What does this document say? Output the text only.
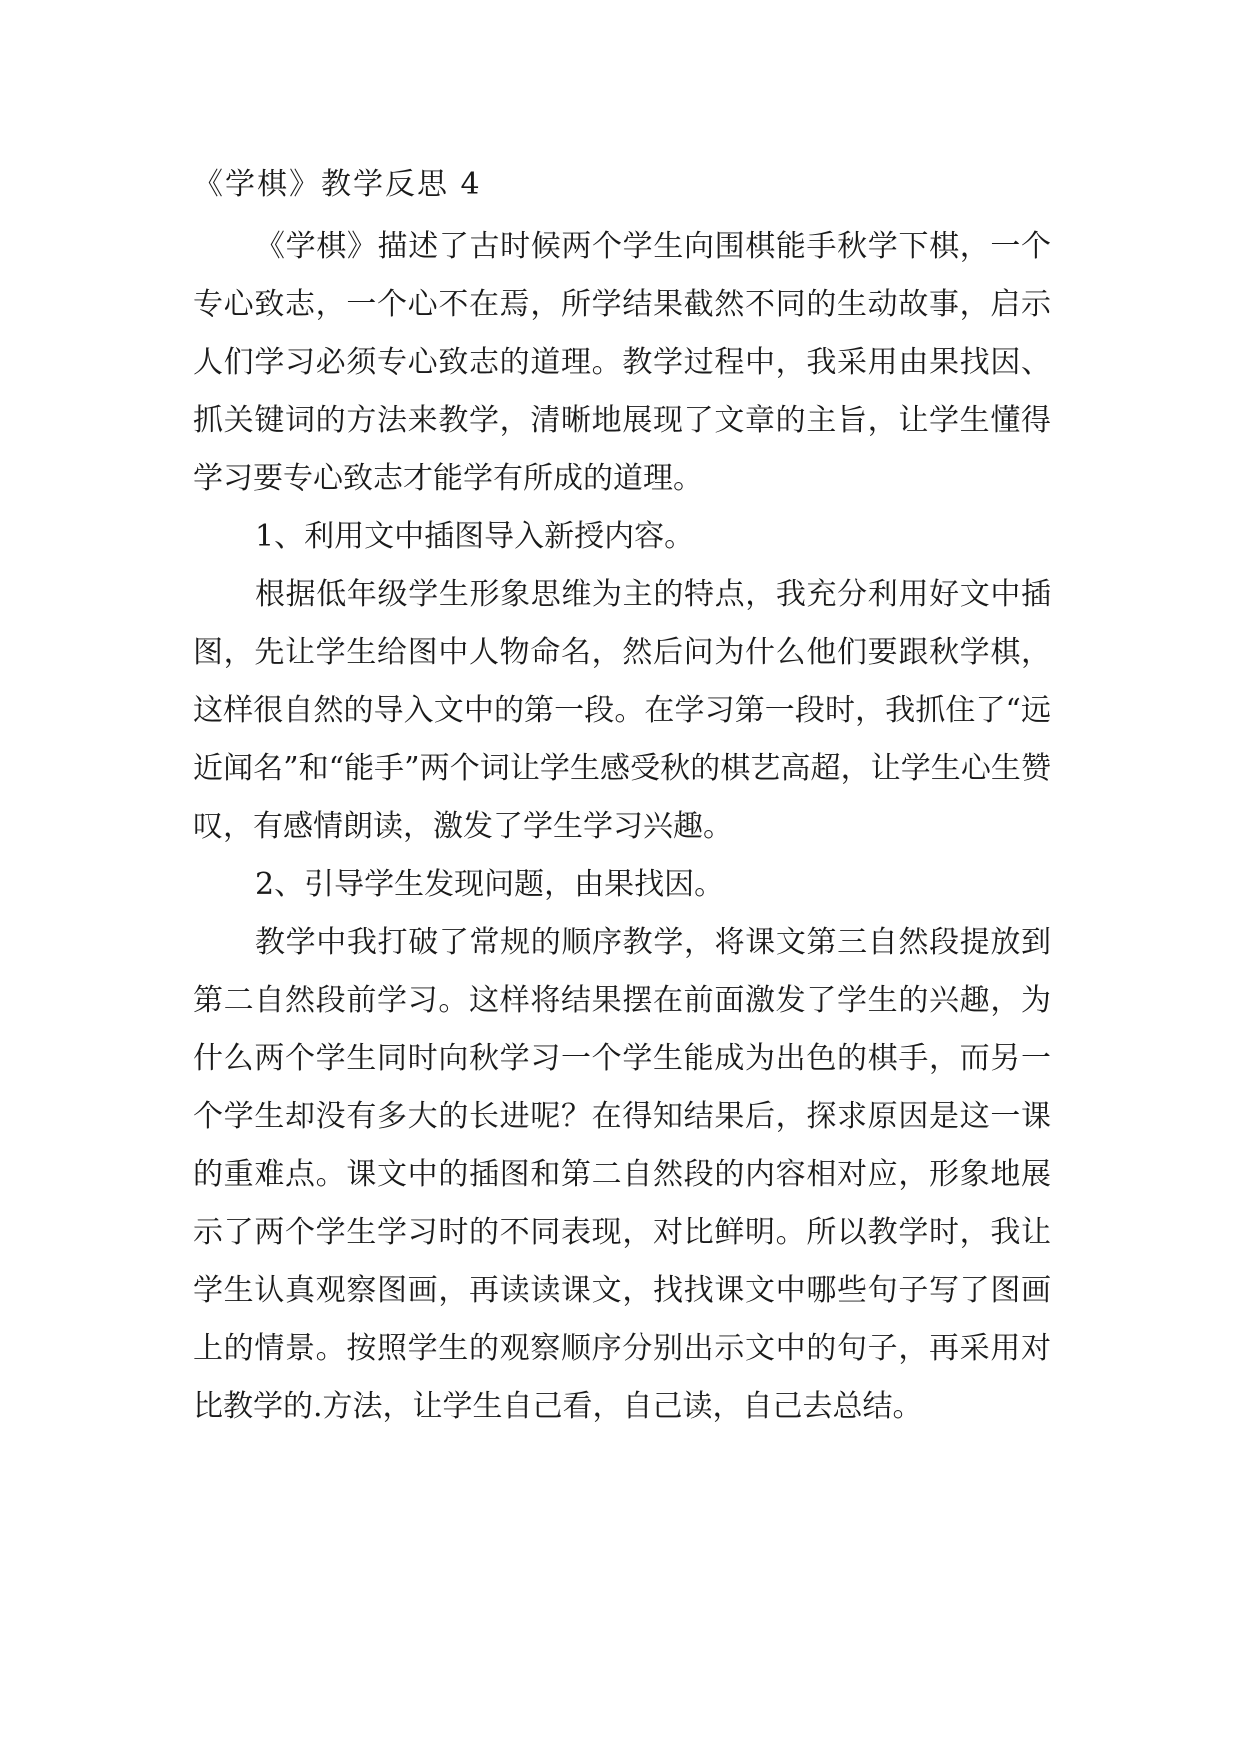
《学棋》教学反思 4

《学棋》描述了古时候两个学生向围棋能手秋学下棋，一个专心致志，一个心不在焉，所学结果截然不同的生动故事，启示人们学习必须专心致志的道理。教学过程中，我采用由果找因、抓关键词的方法来教学，清晰地展现了文章的主旨，让学生懂得学习要专心致志才能学有所成的道理。

1、利用文中插图导入新授内容。

根据低年级学生形象思维为主的特点，我充分利用好文中插图，先让学生给图中人物命名，然后问为什么他们要跟秋学棋，这样很自然的导入文中的第一段。在学习第一段时，我抓住了“远近闻名”和“能手”两个词让学生感受秋的棋艺高超，让学生心生赞叹，有感情朗读，激发了学生学习兴趣。

2、引导学生发现问题，由果找因。

教学中我打破了常规的顺序教学，将课文第三自然段提放到第二自然段前学习。这样将结果摆在前面激发了学生的兴趣，为什么两个学生同时向秋学习一个学生能成为出色的棋手，而另一个学生却没有多大的长进呢？在得知结果后，探求原因是这一课的重难点。课文中的插图和第二自然段的内容相对应，形象地展示了两个学生学习时的不同表现，对比鲜明。所以教学时，我让学生认真观察图画，再读读课文，找找课文中哪些句子写了图画上的情景。按照学生的观察顺序分别出示文中的句子，再采用对比教学的.方法，让学生自己看，自己读，自己去总结。
